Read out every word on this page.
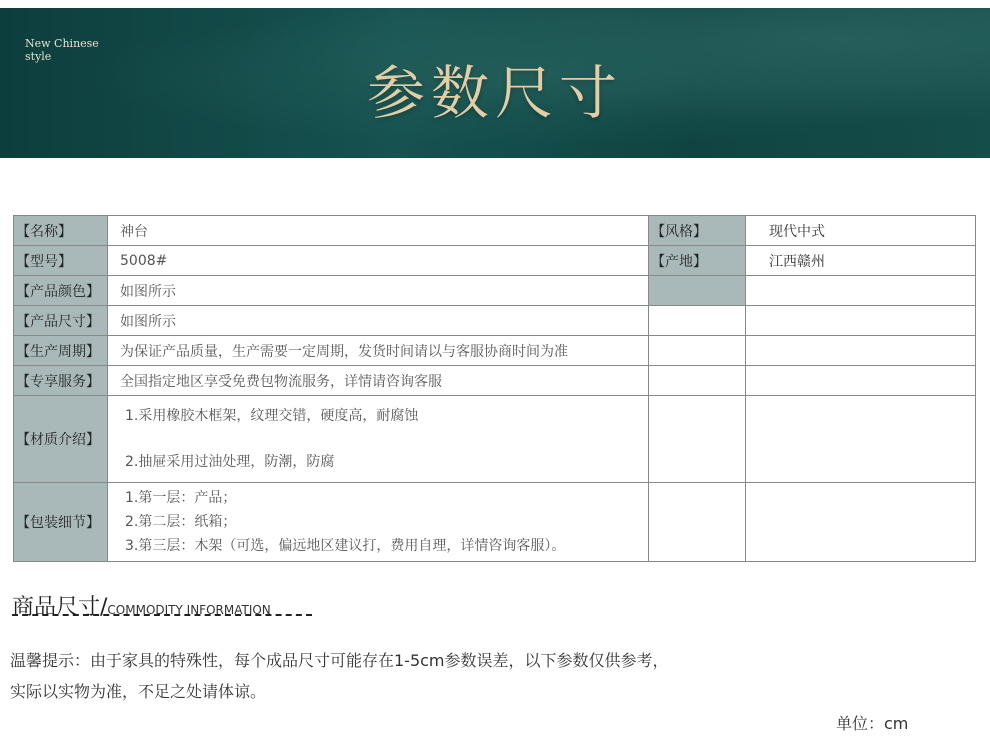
New Chinese style
参数尺寸
【名称】	神台	【风格】	现代中式
【型号】	5008#	【产地】	江西赣州
【产品颜色】	如图所示		
【产品尺寸】	如图所示		
【生产周期】	为保证产品质量，生产需要一定周期，发货时间请以与客服协商时间为准		
【专享服务】	全国指定地区享受免费包物流服务，详情请咨询客服		
【材质介绍】	1.采用橡胶木框架，纹理交错，硬度高，耐腐蚀
2.抽屉采用过油处理，防潮，防腐		

【包装细节】	1.第一层：产品；
2.第二层：纸箱；
3.第三层：木架（可选，偏远地区建议打，费用自理，详情咨询客服）。		

商品尺寸/COMMODITY INFORMATION
温馨提示：由于家具的特殊性，每个成品尺寸可能存在1-5cm参数误差，以下参数仅供参考，
实际以实物为准，不足之处请体谅。
单位：cm
